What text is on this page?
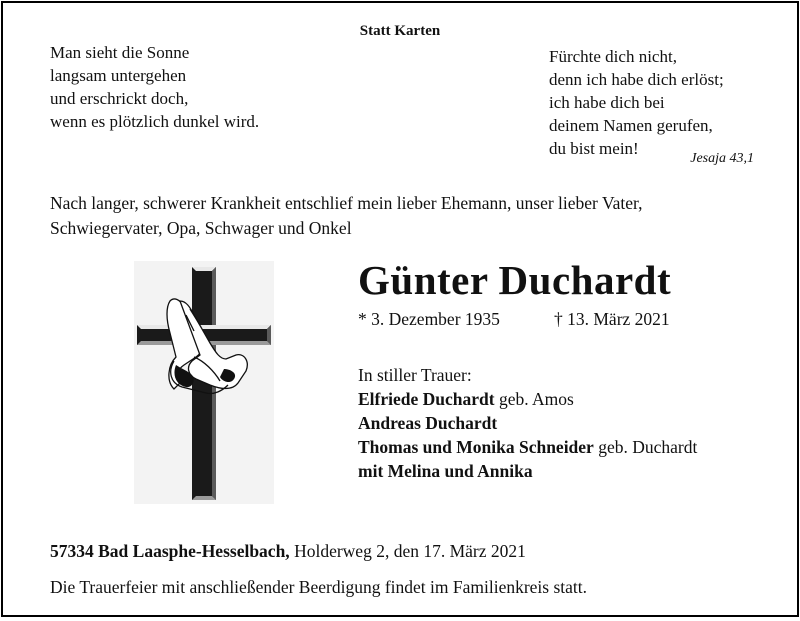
Statt Karten
Man sieht die Sonne
langsam untergehen
und erschrickt doch,
wenn es plötzlich dunkel wird.
Fürchte dich nicht,
denn ich habe dich erlöst;
ich habe dich bei
deinem Namen gerufen,
du bist mein!
Jesaja 43,1
Nach langer, schwerer Krankheit entschlief mein lieber Ehemann, unser lieber Vater,
Schwiegervater, Opa, Schwager und Onkel
Günter Duchardt
* 3. Dezember 1935	† 13. März 2021
In stiller Trauer:
Elfriede Duchardt geb. Amos
Andreas Duchardt
Thomas und Monika Schneider geb. Duchardt
mit Melina und Annika
57334 Bad Laasphe-Hesselbach, Holderweg 2, den 17. März 2021
Die Trauerfeier mit anschließender Beerdigung findet im Familienkreis statt.
